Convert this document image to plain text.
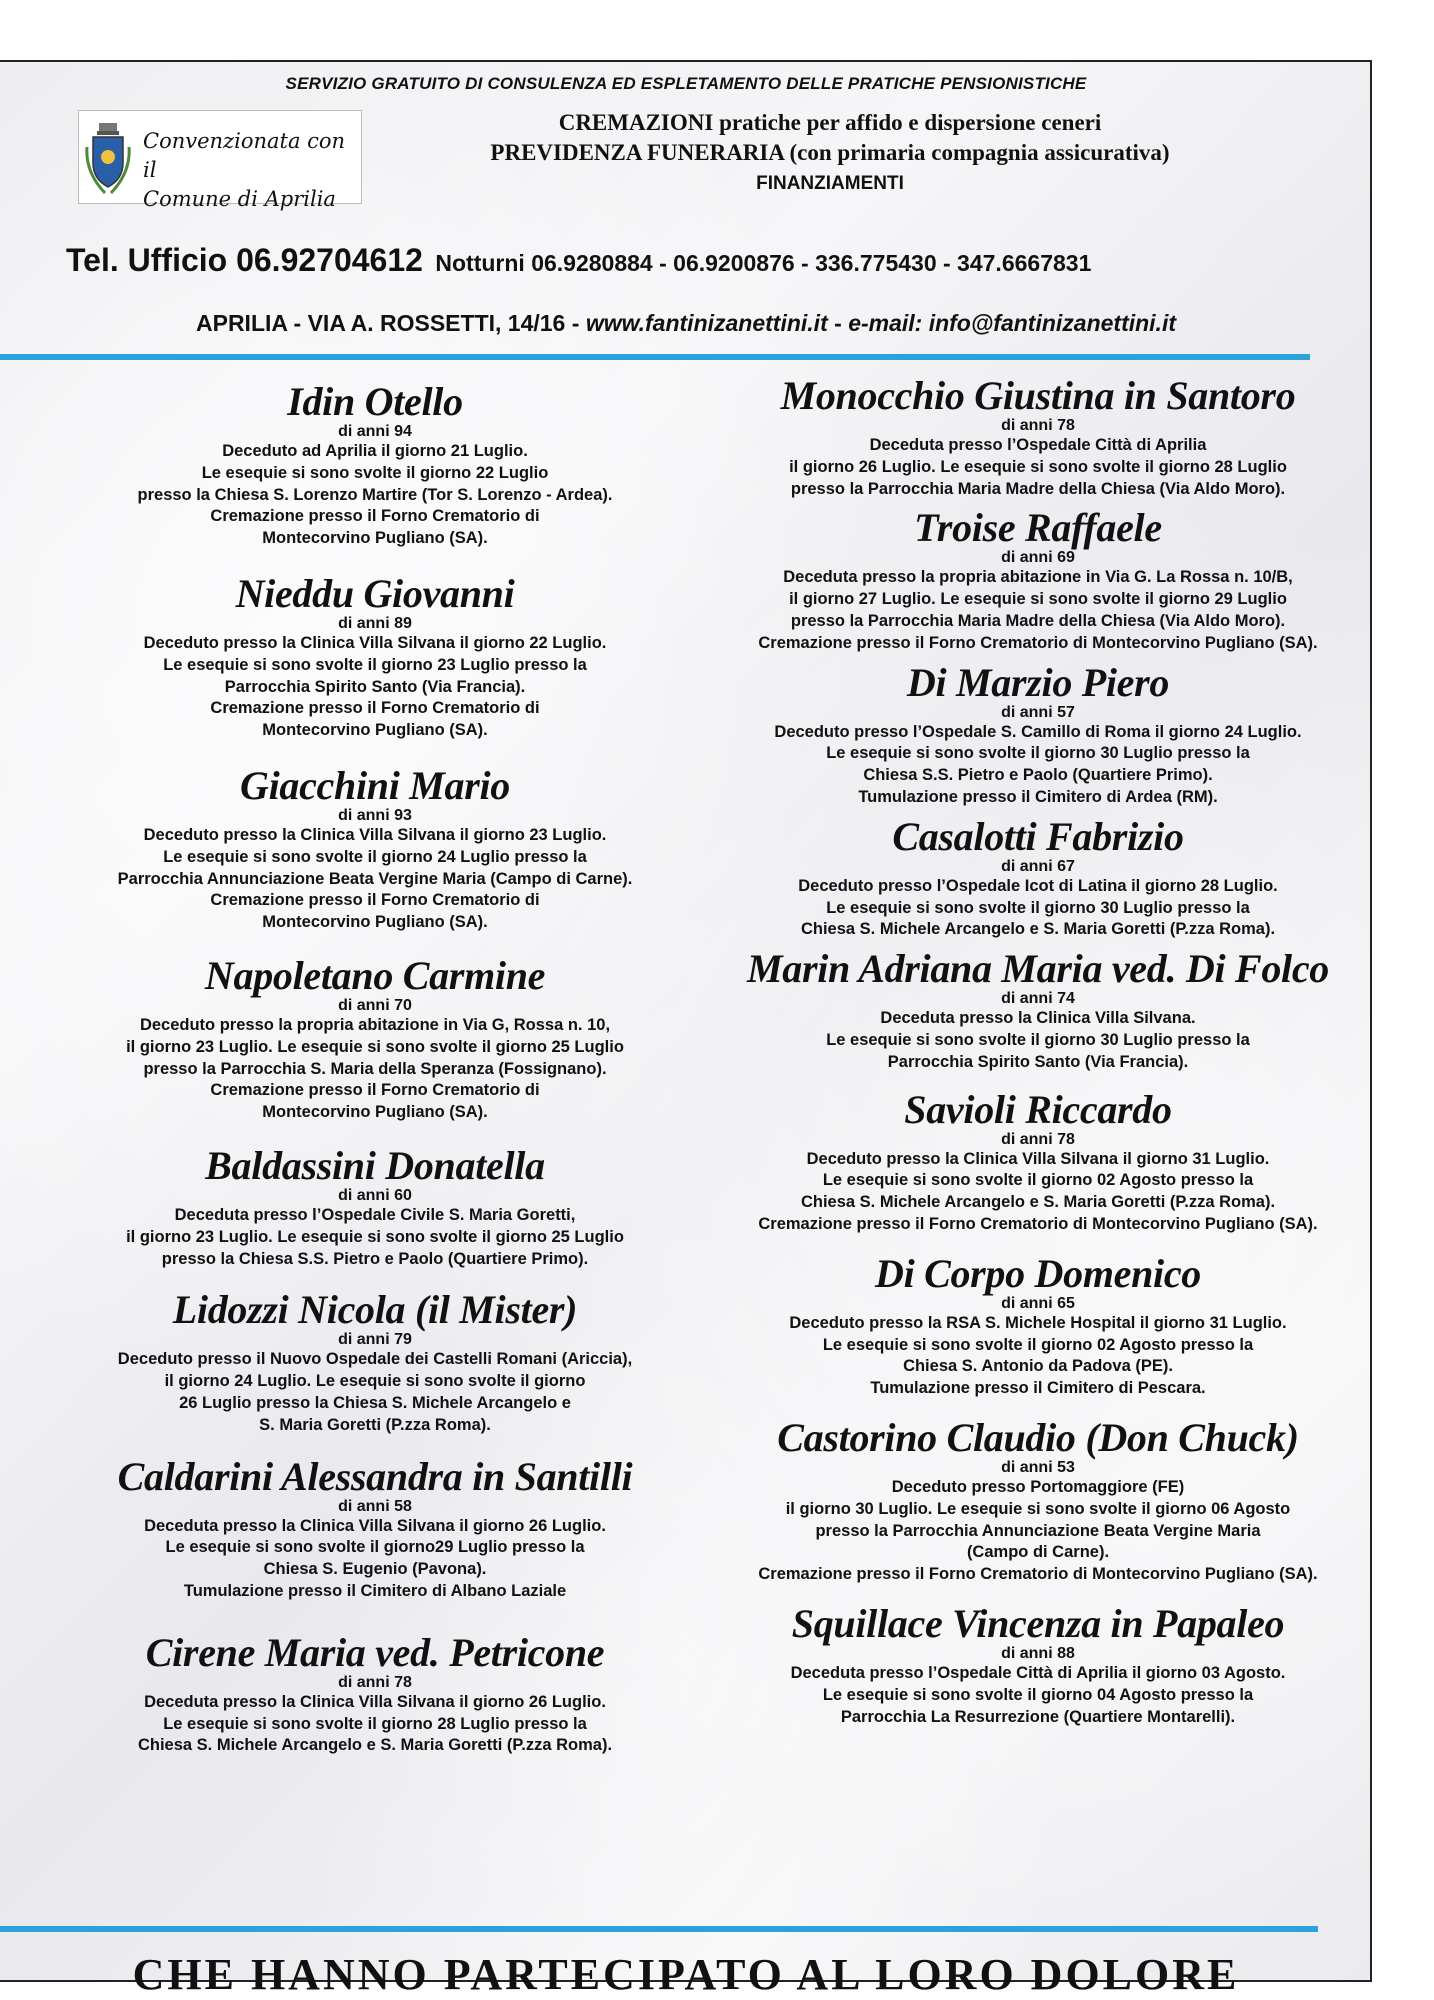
SERVIZIO GRATUITO DI CONSULENZA ED ESPLETAMENTO DELLE PRATICHE PENSIONISTICHE
Convenzionata con il
Comune di Aprilia
CREMAZIONI pratiche per affido e dispersione ceneri
PREVIDENZA FUNERARIA (con primaria compagnia assicurativa)
FINANZIAMENTI
Tel. Ufficio 06.92704612 Notturni 06.9280884 - 06.9200876 - 336.775430 - 347.6667831
APRILIA - VIA A. ROSSETTI, 14/16 - www.fantinizanettini.it - e-mail: info@fantinizanettini.it
Idin Otello
di anni 94
Deceduto ad Aprilia il giorno 21 Luglio.
Le esequie si sono svolte il giorno 22 Luglio
presso la Chiesa S. Lorenzo Martire (Tor S. Lorenzo - Ardea).
Cremazione presso il Forno Crematorio di
Montecorvino Pugliano (SA).
Nieddu Giovanni
di anni 89
Deceduto presso la Clinica Villa Silvana il giorno 22 Luglio.
Le esequie si sono svolte il giorno 23 Luglio presso la
Parrocchia Spirito Santo (Via Francia).
Cremazione presso il Forno Crematorio di
Montecorvino Pugliano (SA).
Giacchini Mario
di anni 93
Deceduto presso la Clinica Villa Silvana il giorno 23 Luglio.
Le esequie si sono svolte il giorno 24 Luglio presso la
Parrocchia Annunciazione Beata Vergine Maria (Campo di Carne).
Cremazione presso il Forno Crematorio di
Montecorvino Pugliano (SA).
Napoletano Carmine
di anni 70
Deceduto presso la propria abitazione in Via G, Rossa n. 10,
il giorno 23 Luglio. Le esequie si sono svolte il giorno 25 Luglio
presso la Parrocchia S. Maria della Speranza (Fossignano).
Cremazione presso il Forno Crematorio di
Montecorvino Pugliano (SA).
Baldassini Donatella
di anni 60
Deceduta presso l’Ospedale Civile S. Maria Goretti,
il giorno 23 Luglio. Le esequie si sono svolte il giorno 25 Luglio
presso la Chiesa S.S. Pietro e Paolo (Quartiere Primo).
Lidozzi Nicola (il Mister)
di anni 79
Deceduto presso il Nuovo Ospedale dei Castelli Romani (Ariccia),
il giorno 24 Luglio. Le esequie si sono svolte il giorno
26 Luglio presso la Chiesa S. Michele Arcangelo e
S. Maria Goretti (P.zza Roma).
Caldarini Alessandra in Santilli
di anni 58
Deceduta presso la Clinica Villa Silvana il giorno 26 Luglio.
Le esequie si sono svolte il giorno29 Luglio presso la
Chiesa S. Eugenio (Pavona).
Tumulazione presso il Cimitero di Albano Laziale
Cirene Maria ved. Petricone
di anni 78
Deceduta presso la Clinica Villa Silvana il giorno 26 Luglio.
Le esequie si sono svolte il giorno 28 Luglio presso la
Chiesa S. Michele Arcangelo e S. Maria Goretti (P.zza Roma).
Monocchio Giustina in Santoro
di anni 78
Deceduta presso l’Ospedale Città di Aprilia
il giorno 26 Luglio. Le esequie si sono svolte il giorno 28 Luglio
presso la Parrocchia Maria Madre della Chiesa (Via Aldo Moro).
Troise Raffaele
di anni 69
Deceduta presso la propria abitazione in Via G. La Rossa n. 10/B,
il giorno 27 Luglio. Le esequie si sono svolte il giorno 29 Luglio
presso la Parrocchia Maria Madre della Chiesa (Via Aldo Moro).
Cremazione presso il Forno Crematorio di Montecorvino Pugliano (SA).
Di Marzio Piero
di anni 57
Deceduto presso l’Ospedale S. Camillo di Roma il giorno 24 Luglio.
Le esequie si sono svolte il giorno 30 Luglio presso la
Chiesa S.S. Pietro e Paolo (Quartiere Primo).
Tumulazione presso il Cimitero di Ardea (RM).
Casalotti Fabrizio
di anni 67
Deceduto presso l’Ospedale Icot di Latina il giorno 28 Luglio.
Le esequie si sono svolte il giorno 30 Luglio presso la
Chiesa S. Michele Arcangelo e S. Maria Goretti (P.zza Roma).
Marin Adriana Maria ved. Di Folco
di anni 74
Deceduta presso la Clinica Villa Silvana.
Le esequie si sono svolte il giorno 30 Luglio presso la
Parrocchia Spirito Santo (Via Francia).
Savioli Riccardo
di anni 78
Deceduto presso la Clinica Villa Silvana il giorno 31 Luglio.
Le esequie si sono svolte il giorno 02 Agosto presso la
Chiesa S. Michele Arcangelo e S. Maria Goretti (P.zza Roma).
Cremazione presso il Forno Crematorio di Montecorvino Pugliano (SA).
Di Corpo Domenico
di anni 65
Deceduto presso la RSA S. Michele Hospital il giorno 31 Luglio.
Le esequie si sono svolte il giorno 02 Agosto presso la
Chiesa S. Antonio da Padova (PE).
Tumulazione presso il Cimitero di Pescara.
Castorino Claudio (Don Chuck)
di anni 53
Deceduto presso Portomaggiore (FE)
il giorno 30 Luglio. Le esequie si sono svolte il giorno 06 Agosto
presso la Parrocchia Annunciazione Beata Vergine Maria
(Campo di Carne).
Cremazione presso il Forno Crematorio di Montecorvino Pugliano (SA).
Squillace Vincenza in Papaleo
di anni 88
Deceduta presso l’Ospedale Città di Aprilia il giorno 03 Agosto.
Le esequie si sono svolte il giorno 04 Agosto presso la
Parrocchia La Resurrezione (Quartiere Montarelli).
CHE HANNO PARTECIPATO AL LORO DOLORE
